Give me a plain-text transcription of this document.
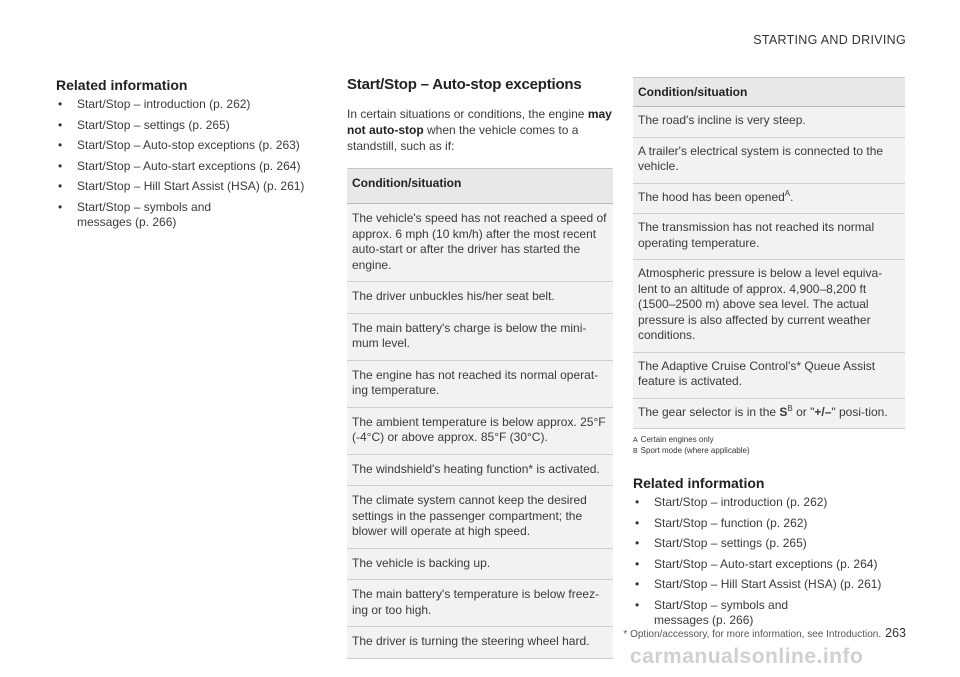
STARTING AND DRIVING
Related information
• Start/Stop – introduction (p. 262)
• Start/Stop – settings (p. 265)
• Start/Stop – Auto-stop exceptions (p. 263)
• Start/Stop – Auto-start exceptions (p. 264)
• Start/Stop – Hill Start Assist (HSA) (p. 261)
• Start/Stop – symbols and messages (p. 266)
Start/Stop – Auto-stop exceptions

In certain situations or conditions, the engine may not auto-stop when the vehicle comes to a standstill, such as if:

Condition/situation
The vehicle's speed has not reached a speed of approx. 6 mph (10 km/h) after the most recent auto-start or after the driver has started the engine.
The driver unbuckles his/her seat belt.
The main battery's charge is below the mini-mum level.
The engine has not reached its normal operat-ing temperature.
The ambient temperature is below approx. 25°F (-4°C) or above approx. 85°F (30°C).
The windshield's heating function* is activated.
The climate system cannot keep the desired settings in the passenger compartment; the blower will operate at high speed.
The vehicle is backing up.
The main battery's temperature is below freez-ing or too high.
The driver is turning the steering wheel hard.
Condition/situation
The road's incline is very steep.
A trailer's electrical system is connected to the vehicle.
The hood has been opened$^A$.
The transmission has not reached its normal operating temperature.
Atmospheric pressure is below a level equiva-lent to an altitude of approx. 4,900–8,200 ft (1500–2500 m) above sea level. The actual pressure is also affected by current weather conditions.
The Adaptive Cruise Control's* Queue Assist feature is activated.
The gear selector is in the $S^B$ or "+/–" posi-tion.
A Certain engines only
B Sport mode (where applicable)
Related information
• Start/Stop – introduction (p. 262)
• Start/Stop – function (p. 262)
• Start/Stop – settings (p. 265)
• Start/Stop – Auto-start exceptions (p. 264)
• Start/Stop – Hill Start Assist (HSA) (p. 261)
• Start/Stop – symbols and messages (p. 266)
* Option/accessory, for more information, see Introduction. 263
carmanualsonline.info
